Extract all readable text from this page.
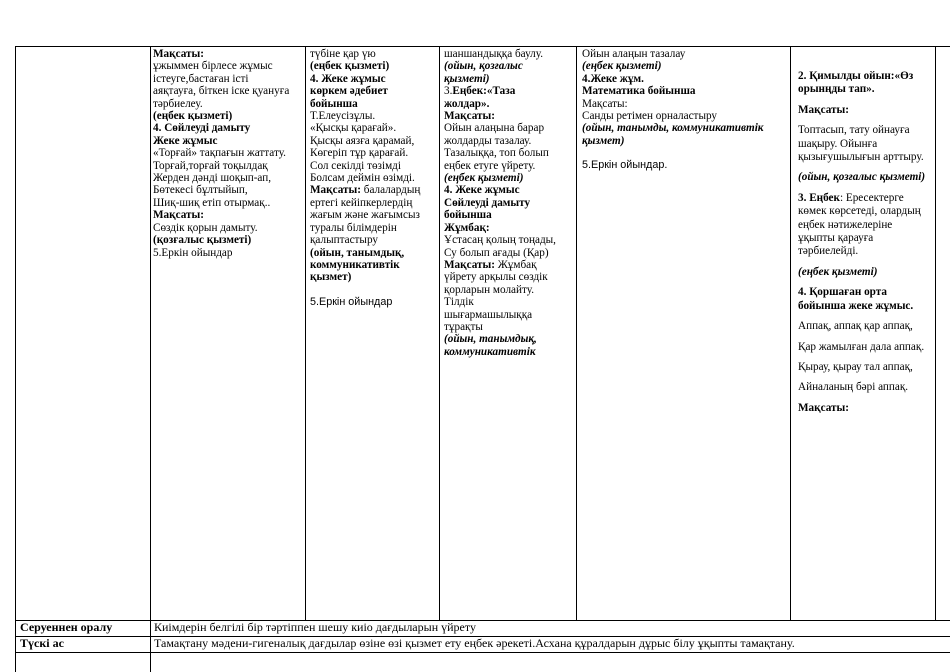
Мақсаты:

ұжыммен бірлесе жұмыс

істеуге,бастаған істі

аяқтауға, біткен іске қуануға

тәрбиелеу.

(еңбек қызметі)

4. Сөйлеуді дамыту

Жеке жұмыс

«Торғай» тақпағын жаттату.

Торғай,торғай тоқылдақ

Жерден дәнді шоқып-ап,

Бөтекесі бұлтыйып,

Шиқ-шиқ етіп отырмақ..

Мақсаты:

Сөздік қорын дамыту.

(қозғалыс қызметі)

5.Еркін ойындар

түбіне қар үю

(еңбек қызметі)

4. Жеке жұмыс

көркем әдебиет

бойынша

Т.Елеусізұлы.

«Қысқы қарағай».

Қысқы аязға қарамай,

Көгеріп тұр қарағай.

Сол секілді төзімді

Болсам деймін өзімді.

Мақсаты: балалардың

ертегі кейіпкерлердің

жағым және жағымсыз

туралы білімдерін

қалыптастыру

(ойын, танымдық,

коммуникативтік

қызмет)

5.Еркін ойындар

шаншандыққа баулу.

(ойын, қозғалыс

қызметі)

3.Еңбек:«Таза

жолдар».

Мақсаты:

Ойын алаңына барар

жолдарды тазалау.

Тазалыққа, топ болып

еңбек етуге үйрету.

(еңбек қызметі)

4. Жеке жұмыс

Сөйлеуді дамыту

бойынша

Жұмбақ:

Ұстасаң қолың тоңады,

Су болып ағады (Қар)

Мақсаты: Жұмбақ

үйрету арқылы сөздік

қорларын молайту.

Тілдік

шығармашылыққа

тұрақты

(ойын, танымдық,

коммуникативтік

Ойын алаңын тазалау

(еңбек қызметі)

4.Жеке жұм.

Математика бойынша

Мақсаты:

Санды ретімен орналастыру

(ойын, танымды, коммуникативтік

қызмет)

5.Еркін ойындар.

2. Қимылды ойын:«Өз орынңды тап».

Мақсаты:

Топтасып, тату ойнауға шақыру. Ойынға қызығушылығын арттыру.

(ойын, қозғалыс қызметі)

3. Еңбек: Ересектерге көмек көрсетеді, олардың еңбек нәтижелеріне ұқыпты қарауға тәрбиелейді.

(еңбек қызметі)

4. Қоршаған орта бойынша жеке жұмыс.

Аппақ, аппақ қар аппақ,

Қар жамылған дала аппақ.

Қырау, қырау тал аппақ,

Айналаның бәрі аппақ.

Мақсаты:

Серуеннен оралу	Киімдерін белгілі бір тәртіппен шешу киіо дағдыларын үйрету
Түскі ас	Тамақтану мәдени-гигеналық дағдылар өзіне өзі қызмет ету еңбек әрекеті.Асхана құралдарын дұрыс білу ұқыпты тамақтану.
